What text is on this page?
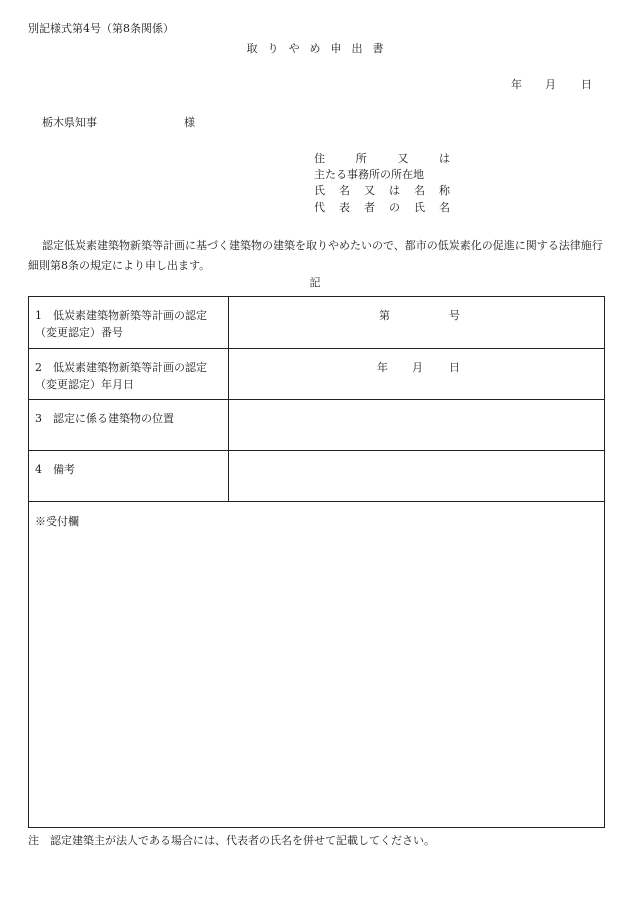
別記様式第4号（第8条関係）
取りやめ申出書
年 月 日
栃木県知事	様
住	所	又	は
主たる事務所の所在地
氏 名 又 は 名 称
代 表 者 の 氏 名
認定低炭素建築物新築等計画に基づく建築物の建築を取りやめたいので、都市の低炭素化の促進に関する法律施行細則第8条の規定により申し出ます。
記
1　低炭素建築物新築等計画の認定
（変更認定）番号
第	号
2　低炭素建築物新築等計画の認定
（変更認定）年月日
年 月 日
3　認定に係る建築物の位置
4　備考
※受付欄
注　認定建築主が法人である場合には、代表者の氏名を併せて記載してください。
